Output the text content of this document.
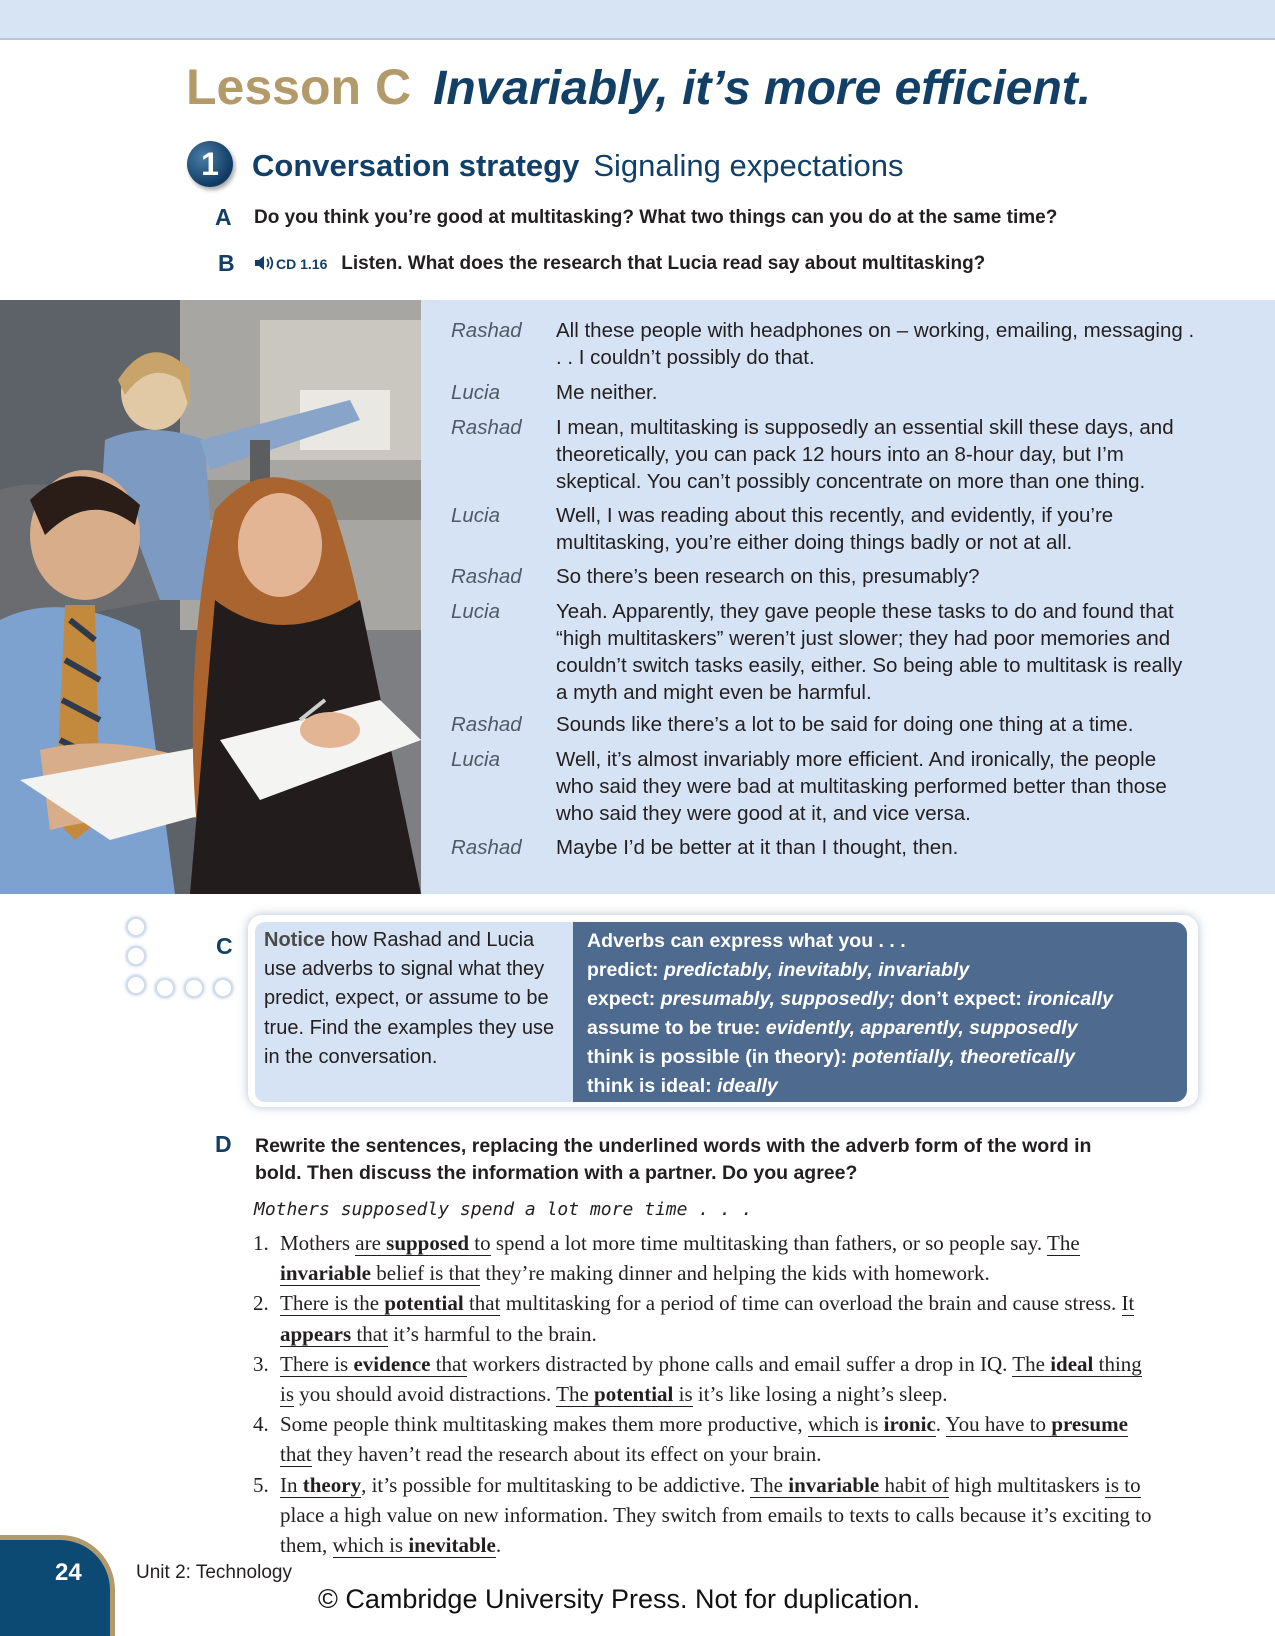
Lesson C Invariably, it’s more efficient.
1	Conversation strategy Signaling expectations
A Do you think you’re good at multitasking? What two things can you do at the same time?
B	CD 1.16 Listen. What does the research that Lucia read say about multitasking?
Rashad All these people with headphones on – working, emailing, messaging . . . I couldn’t possibly do that.
Lucia	Me neither.
Rashad I mean, multitasking is supposedly an essential skill these days, and theoretically, you can pack 12 hours into an 8-hour day, but I’m skeptical. You can’t possibly concentrate on more than one thing.
Lucia	Well, I was reading about this recently, and evidently, if you’re multitasking, you’re either doing things badly or not at all.
Rashad So there’s been research on this, presumably?
Lucia	Yeah. Apparently, they gave people these tasks to do and found that “high multitaskers” weren’t just slower; they had poor memories and couldn’t switch tasks easily, either. So being able to multitask is really a myth and might even be harmful.
Rashad Sounds like there’s a lot to be said for doing one thing at a time.
Lucia	Well, it’s almost invariably more efficient. And ironically, the people who said they were bad at multitasking performed better than those who said they were good at it, and vice versa.
Rashad Maybe I’d be better at it than I thought, then.
C Notice how Rashad and Lucia use adverbs to signal what they predict, expect, or assume to be true. Find the examples they use in the conversation.
Adverbs can express what you . . .
predict: predictably, inevitably, invariably
expect: presumably, supposedly; don’t expect: ironically
assume to be true: evidently, apparently, supposedly
think is possible (in theory): potentially, theoretically
think is ideal: ideally
D Rewrite the sentences, replacing the underlined words with the adverb form of the word in bold. Then discuss the information with a partner. Do you agree?
Mothers supposedly spend a lot more time . . .
1. Mothers are supposed to spend a lot more time multitasking than fathers, or so people say. The invariable belief is that they’re making dinner and helping the kids with homework.
2. There is the potential that multitasking for a period of time can overload the brain and cause stress. It appears that it’s harmful to the brain.
3. There is evidence that workers distracted by phone calls and email suffer a drop in IQ. The ideal thing is you should avoid distractions. The potential is it’s like losing a night’s sleep.
4. Some people think multitasking makes them more productive, which is ironic. You have to presume that they haven’t read the research about its effect on your brain.
5. In theory, it’s possible for multitasking to be addictive. The invariable habit of high multitaskers is to place a high value on new information. They switch from emails to texts to calls because it’s exciting to them, which is inevitable.
24	Unit 2: Technology
© Cambridge University Press. Not for duplication.
